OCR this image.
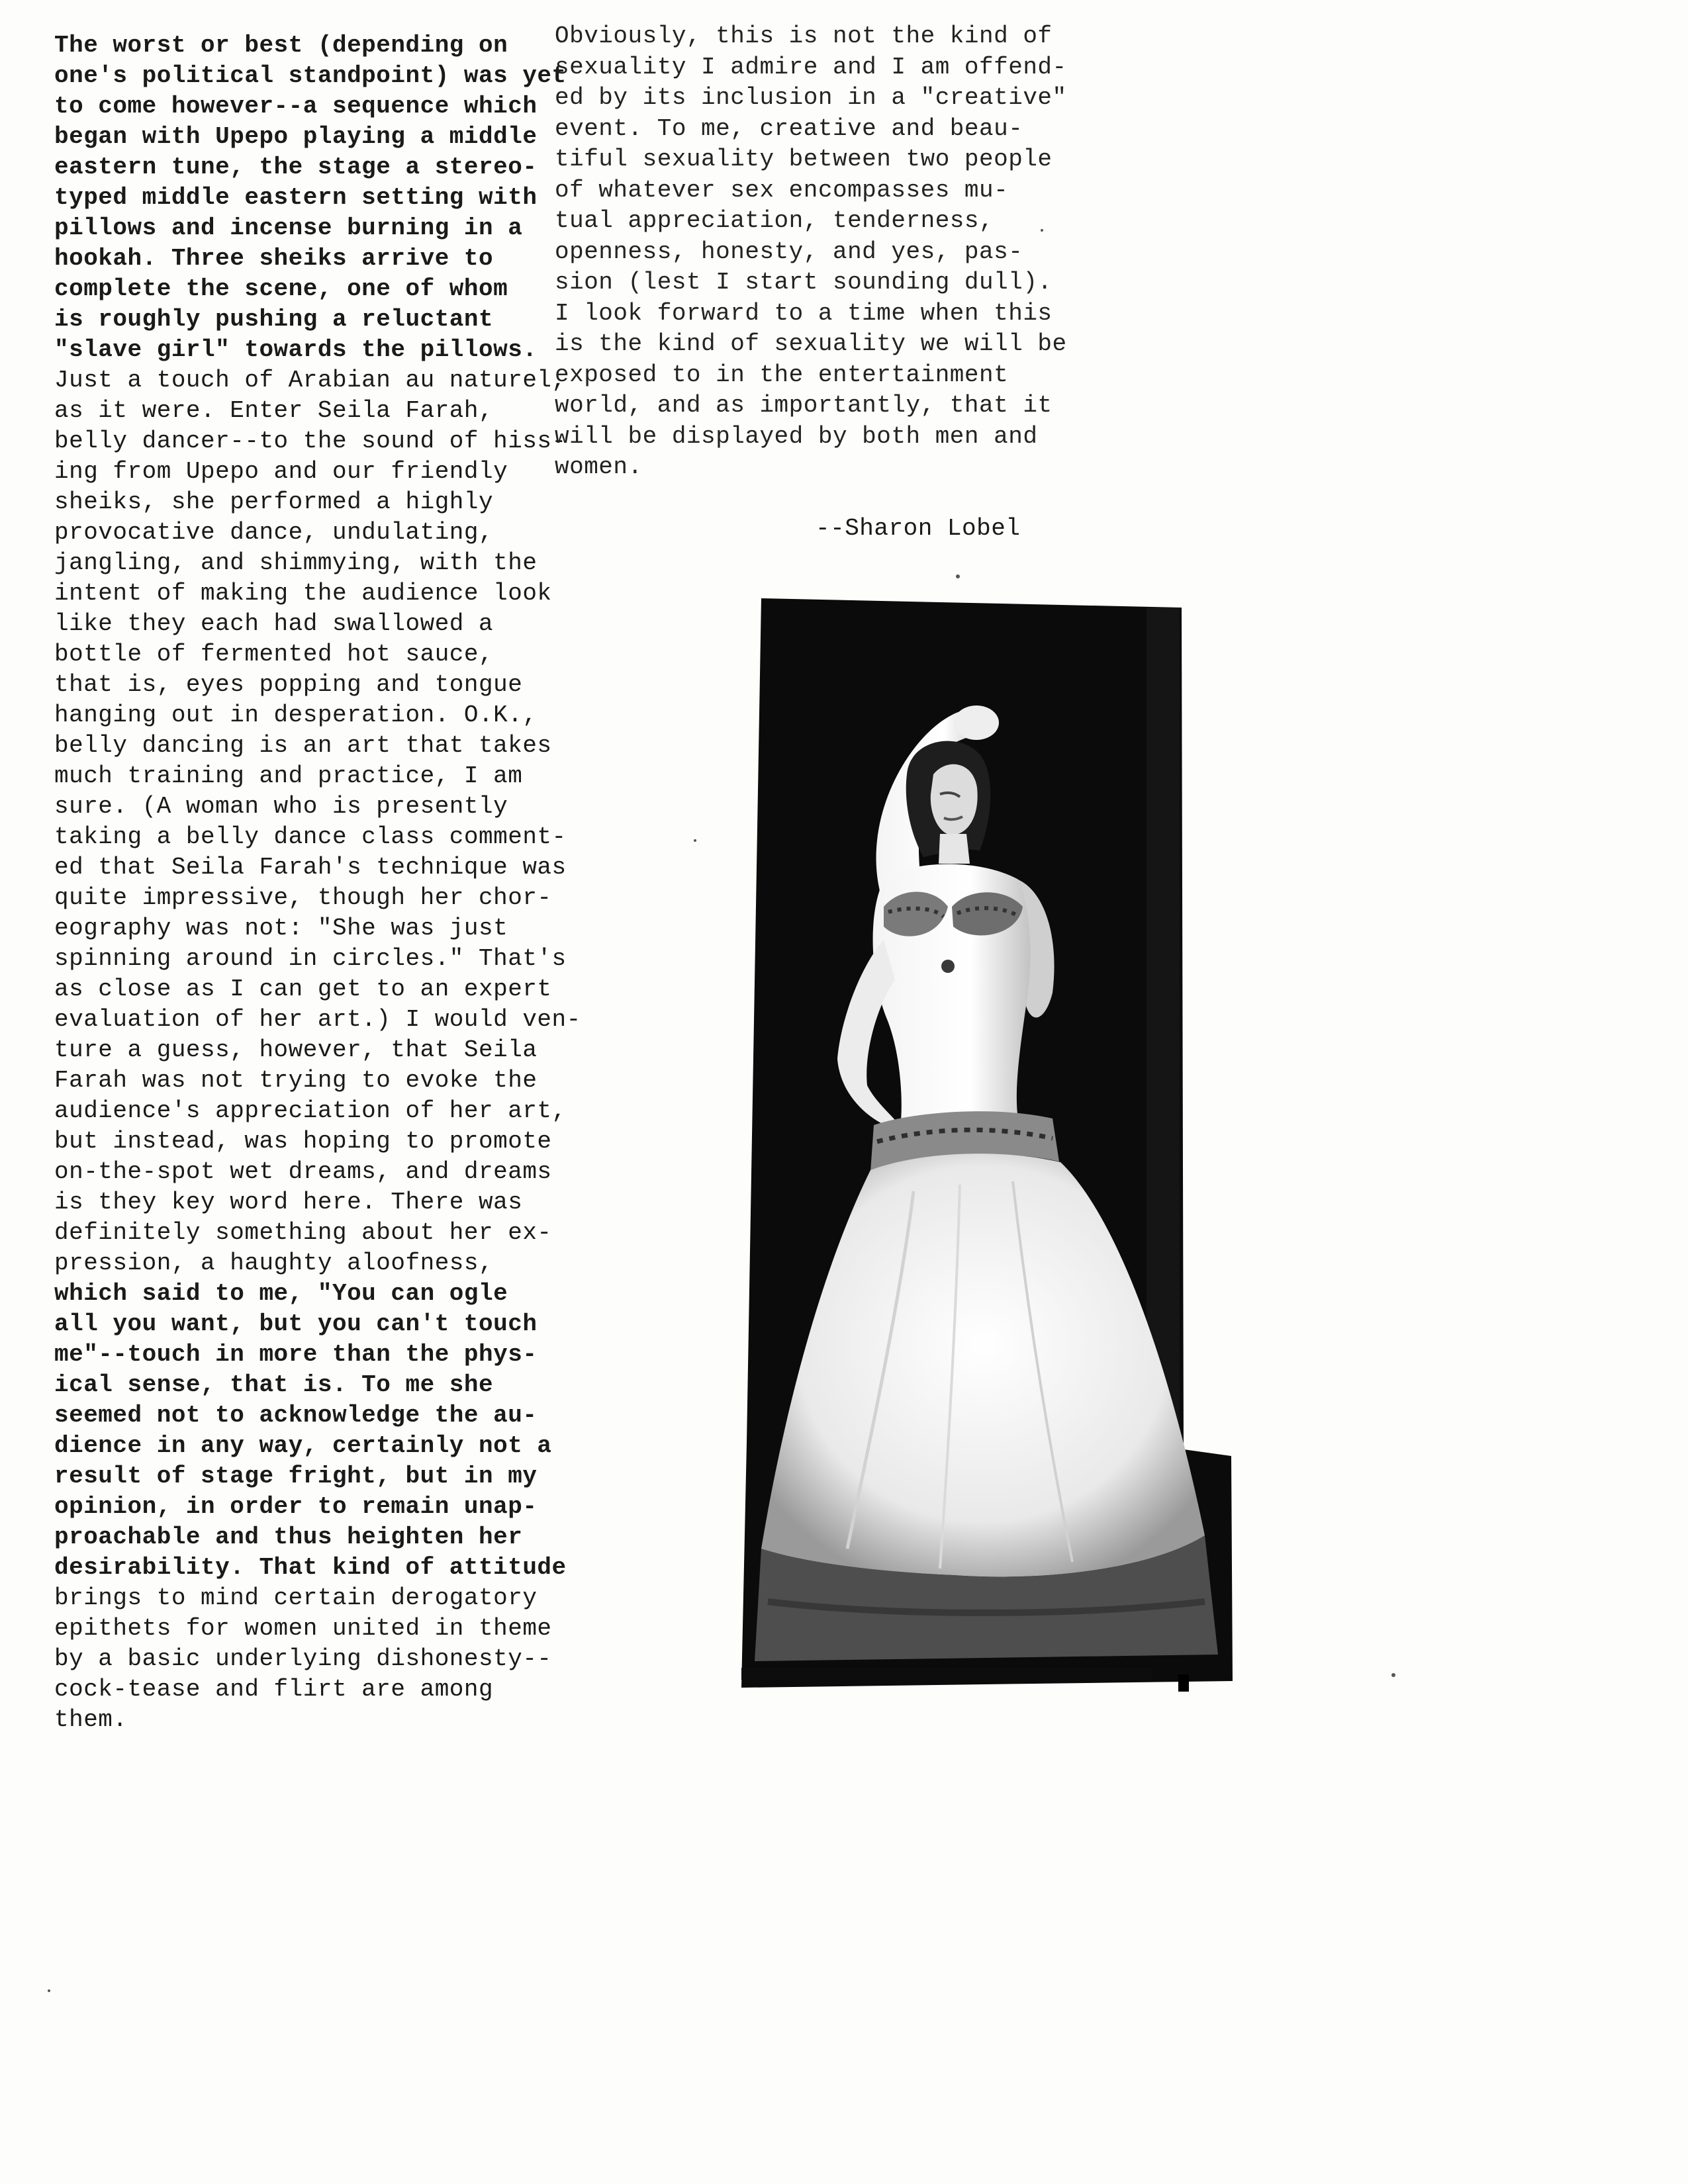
The worst or best (depending on
one's political standpoint) was yet
to come however--a sequence which
began with Upepo playing a middle
eastern tune, the stage a stereo-
typed middle eastern setting with
pillows and incense burning in a
hookah. Three sheiks arrive to
complete the scene, one of whom
is roughly pushing a reluctant
"slave girl" towards the pillows.
Just a touch of Arabian au naturel,
as it were. Enter Seila Farah,
belly dancer--to the sound of hiss-
ing from Upepo and our friendly
sheiks, she performed a highly
provocative dance, undulating,
jangling, and shimmying, with the
intent of making the audience look
like they each had swallowed a
bottle of fermented hot sauce,
that is, eyes popping and tongue
hanging out in desperation. O.K.,
belly dancing is an art that takes
much training and practice, I am
sure. (A woman who is presently
taking a belly dance class comment-
ed that Seila Farah's technique was
quite impressive, though her chor-
eography was not: "She was just
spinning around in circles." That's
as close as I can get to an expert
evaluation of her art.) I would ven-
ture a guess, however, that Seila
Farah was not trying to evoke the
audience's appreciation of her art,
but instead, was hoping to promote
on-the-spot wet dreams, and dreams
is they key word here. There was
definitely something about her ex-
pression, a haughty aloofness,
which said to me, "You can ogle
all you want, but you can't touch
me"--touch in more than the phys-
ical sense, that is. To me she
seemed not to acknowledge the au-
dience in any way, certainly not a
result of stage fright, but in my
opinion, in order to remain unap-
proachable and thus heighten her
desirability. That kind of attitude
brings to mind certain derogatory
epithets for women united in theme
by a basic underlying dishonesty--
cock-tease and flirt are among
them.
Obviously, this is not the kind of
sexuality I admire and I am offend-
ed by its inclusion in a "creative"
event. To me, creative and beau-
tiful sexuality between two people
of whatever sex encompasses mu-
tual appreciation, tenderness,
openness, honesty, and yes, pas-
sion (lest I start sounding dull).
I look forward to a time when this
is the kind of sexuality we will be
exposed to in the entertainment
world, and as importantly, that it
will be displayed by both men and
women.
--Sharon Lobel
